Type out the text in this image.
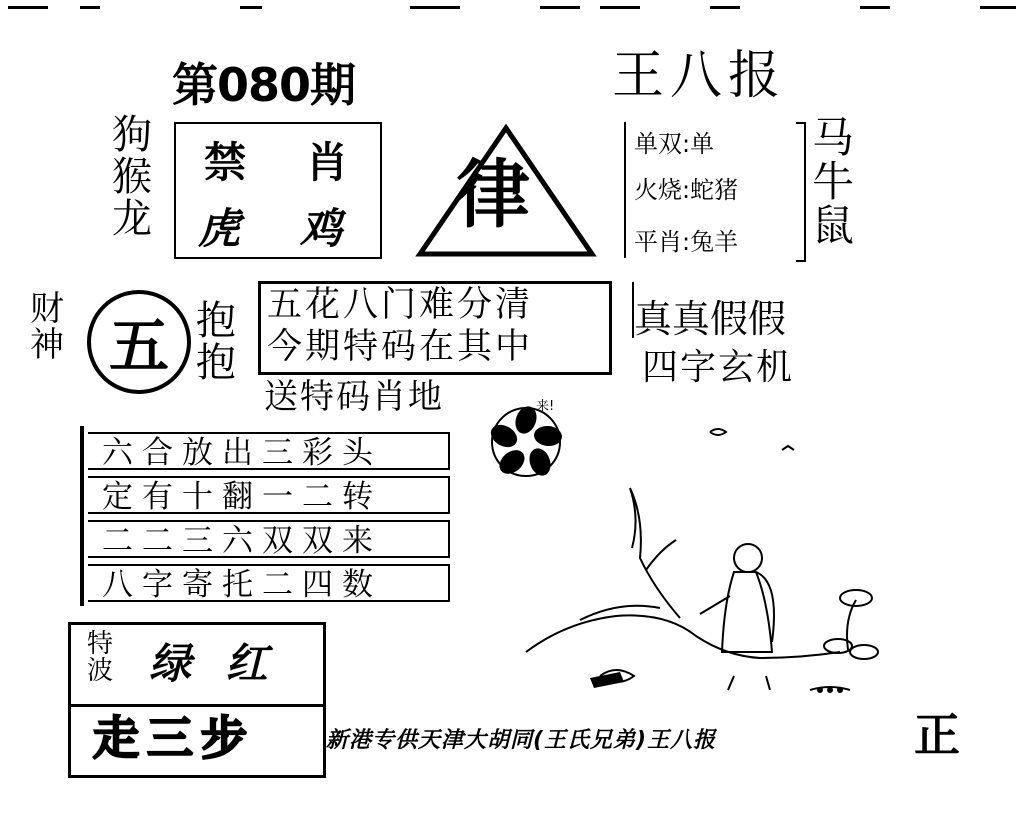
第080期
狗
猴
龙
禁 肖
虎 鸡 律
王八报
单双:单
火烧:蛇猪
平肖:兔羊
马
牛
鼠
财
神 五 抱
抱
五花八门难分清
今期特码在其中
送特码肖地
真真假假
四字玄机
来!
六合放出三彩头
定有十翻一二转
二二三六双双来
八字寄托二四数
特
波 绿 红
走三步	新港专供天津大胡同(王氏兄弟)王八报	正
